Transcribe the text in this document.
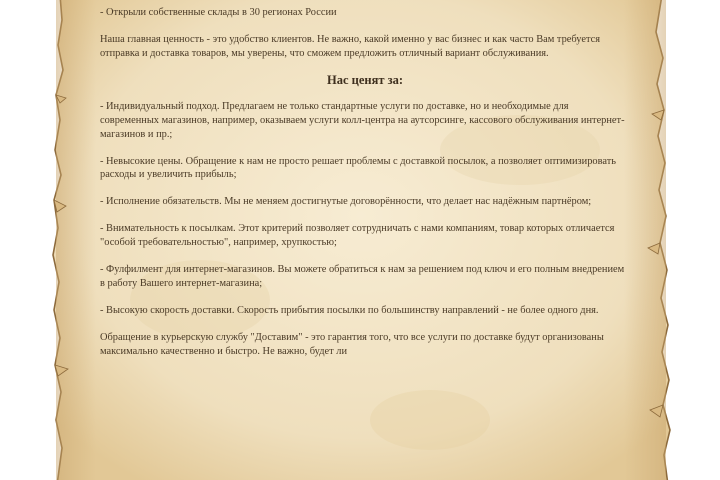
- Открыли собственные склады в 30 регионах России

Наша главная ценность - это удобство клиентов. Не важно, какой именно у вас бизнес и как часто Вам требуется отправка и доставка товаров, мы уверены, что сможем предложить отличный вариант обслуживания.

Нас ценят за:

- Индивидуальный подход. Предлагаем не только стандартные услуги по доставке, но и необходимые для современных магазинов, например, оказываем услуги колл-центра на аутсорсинге, кассового обслуживания интернет-магазинов и пр.;

- Невысокие цены. Обращение к нам не просто решает проблемы с доставкой посылок, а позволяет оптимизировать расходы и увеличить прибыль;

- Исполнение обязательств. Мы не меняем достигнутые договорённости, что делает нас надёжным партнёром;

- Внимательность к посылкам. Этот критерий позволяет сотрудничать с нами компаниям, товар которых отличается "особой требовательностью", например, хрупкостью;

- Фулфилмент для интернет-магазинов. Вы можете обратиться к нам за решением под ключ и его полным внедрением в работу Вашего интернет-магазина;

- Высокую скорость доставки. Скорость прибытия посылки по большинству направлений - не более одного дня.

Обращение в курьерскую службу "Доставим" - это гарантия того, что все услуги по доставке будут организованы максимально качественно и быстро. Не важно, будет ли
